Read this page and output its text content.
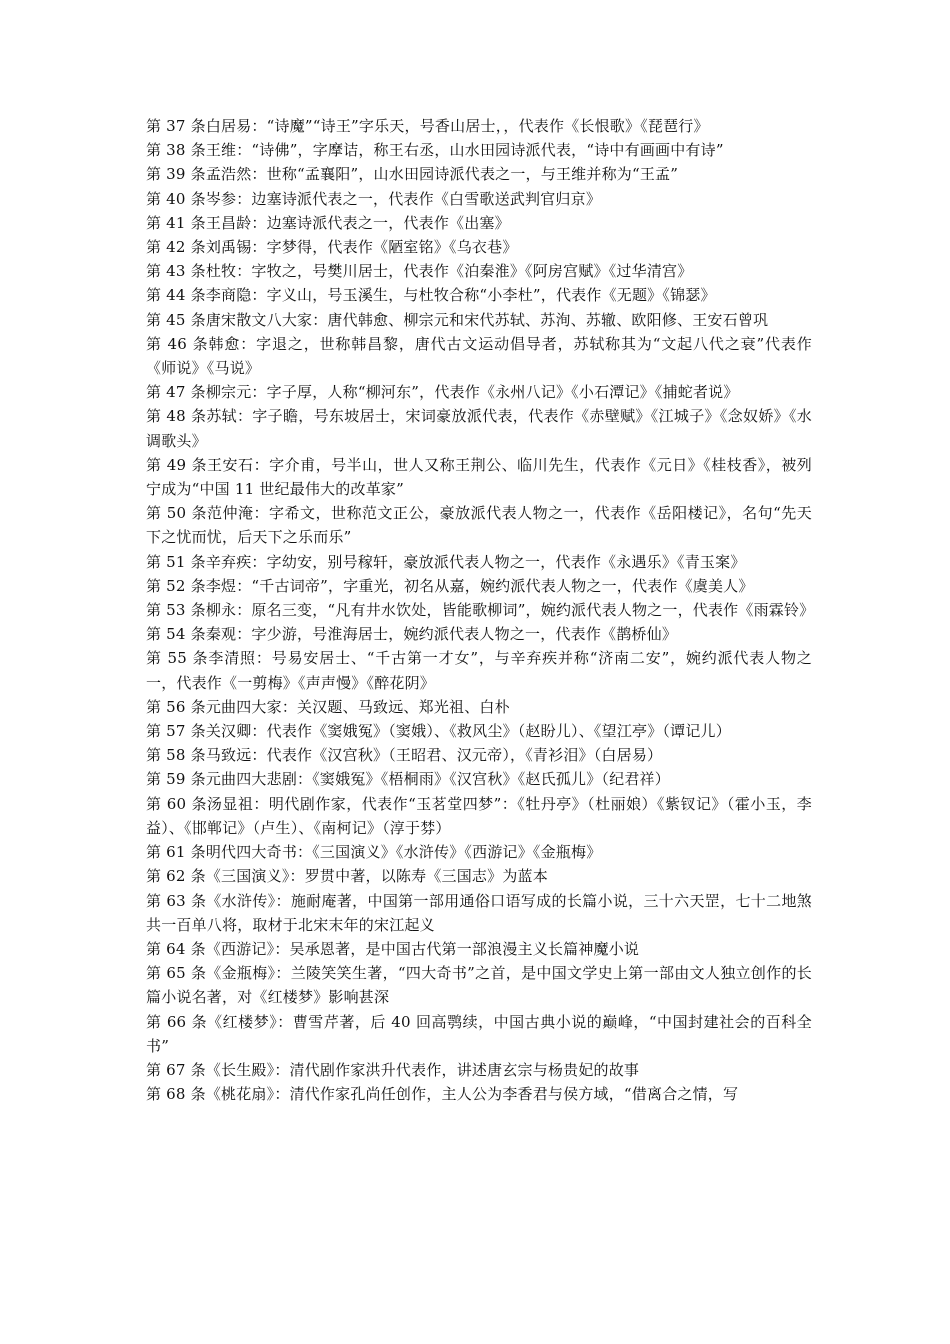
第 37 条白居易：“诗魔”“诗王”字乐天，号香山居士，，代表作《长恨歌》《琵琶行》

第 38 条王维：“诗佛”，字摩诘，称王右丞，山水田园诗派代表，“诗中有画画中有诗”

第 39 条孟浩然：世称“孟襄阳”，山水田园诗派代表之一，与王维并称为“王孟”

第 40 条岑参：边塞诗派代表之一，代表作《白雪歌送武判官归京》

第 41 条王昌龄：边塞诗派代表之一，代表作《出塞》

第 42 条刘禹锡：字梦得，代表作《陋室铭》《乌衣巷》

第 43 条杜牧：字牧之，号樊川居士，代表作《泊秦淮》《阿房宫赋》《过华清宫》

第 44 条李商隐：字义山，号玉溪生，与杜牧合称“小李杜”，代表作《无题》《锦瑟》

第 45 条唐宋散文八大家：唐代韩愈、柳宗元和宋代苏轼、苏洵、苏辙、欧阳修、王安石曾巩

第 46 条韩愈：字退之，世称韩昌黎，唐代古文运动倡导者，苏轼称其为“文起八代之衰”代表作《师说》《马说》

第 47 条柳宗元：字子厚，人称“柳河东”，代表作《永州八记》《小石潭记》《捕蛇者说》

第 48 条苏轼：字子瞻，号东坡居士，宋词豪放派代表，代表作《赤壁赋》《江城子》《念奴娇》《水调歌头》

第 49 条王安石：字介甫，号半山，世人又称王荆公、临川先生，代表作《元日》《桂枝香》，被列宁成为“中国 11 世纪最伟大的改革家”

第 50 条范仲淹：字希文，世称范文正公，豪放派代表人物之一，代表作《岳阳楼记》，名句“先天下之忧而忧，后天下之乐而乐”

第 51 条辛弃疾：字幼安，别号稼轩，豪放派代表人物之一，代表作《永遇乐》《青玉案》

第 52 条李煜：“千古词帝”，字重光，初名从嘉，婉约派代表人物之一，代表作《虞美人》

第 53 条柳永：原名三变，“凡有井水饮处，皆能歌柳词”，婉约派代表人物之一，代表作《雨霖铃》

第 54 条秦观：字少游，号淮海居士，婉约派代表人物之一，代表作《鹊桥仙》

第 55 条李清照：号易安居士、“千古第一才女”，与辛弃疾并称“济南二安”，婉约派代表人物之一，代表作《一剪梅》《声声慢》《醉花阴》

第 56 条元曲四大家：关汉题、马致远、郑光祖、白朴

第 57 条关汉卿：代表作《窦娥冤》（窦娥）、《救风尘》（赵盼儿）、《望江亭》（谭记儿）

第 58 条马致远：代表作《汉宫秋》（王昭君、汉元帝），《青衫泪》（白居易）

第 59 条元曲四大悲剧：《窦娥冤》《梧桐雨》《汉宫秋》《赵氏孤儿》（纪君祥）

第 60 条汤显祖：明代剧作家，代表作“玉茗堂四梦”：《牡丹亭》（杜丽娘）《紫钗记》（霍小玉，李益）、《邯郸记》（卢生）、《南柯记》（淳于棼）

第 61 条明代四大奇书：《三国演义》《水浒传》《西游记》《金瓶梅》

第 62 条《三国演义》：罗贯中著，以陈寿《三国志》为蓝本

第 63 条《水浒传》：施耐庵著，中国第一部用通俗口语写成的长篇小说，三十六天罡，七十二地煞共一百单八将，取材于北宋末年的宋江起义

第 64 条《西游记》：吴承恩著，是中国古代第一部浪漫主义长篇神魔小说

第 65 条《金瓶梅》：兰陵笑笑生著，“四大奇书”之首，是中国文学史上第一部由文人独立创作的长篇小说名著，对《红楼梦》影响甚深

第 66 条《红楼梦》：曹雪芹著，后 40 回高鹗续，中国古典小说的巅峰，“中国封建社会的百科全书”

第 67 条《长生殿》：清代剧作家洪升代表作，讲述唐玄宗与杨贵妃的故事

第 68 条《桃花扇》：清代作家孔尚任创作，主人公为李香君与侯方域，“借离合之情，写
